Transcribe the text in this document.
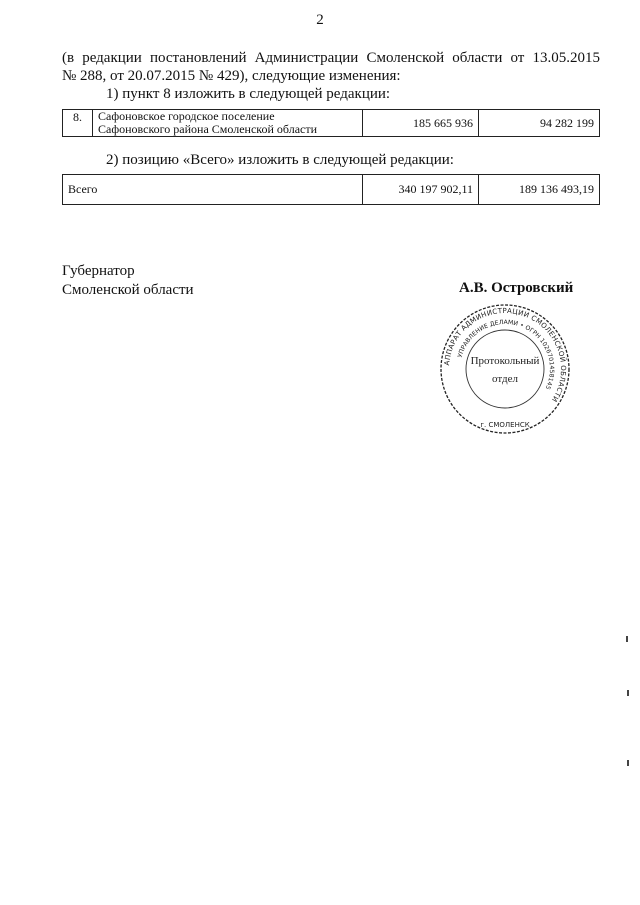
2
(в редакции постановлений Администрации Смоленской области от 13.05.2015
№ 288, от 20.07.2015 № 429), следующие изменения:
1) пункт 8 изложить в следующей редакции:
8.	Сафоновское городское поселение
Сафоновского района Смоленской области	185 665 936	94 282 199
2) позицию «Всего» изложить в следующей редакции:
Всего	340 197 902,11	189 136 493,19
Губернатор
Смоленской области	А.В. Островский
АППАРАТ АДМИНИСТРАЦИИ СМОЛЕНСКОЙ ОБЛАСТИ
УПРАВЛЕНИЕ ДЕЛАМИ • ОГРН 1026701458145
г. СМОЛЕНСК
Протокольный
отдел
